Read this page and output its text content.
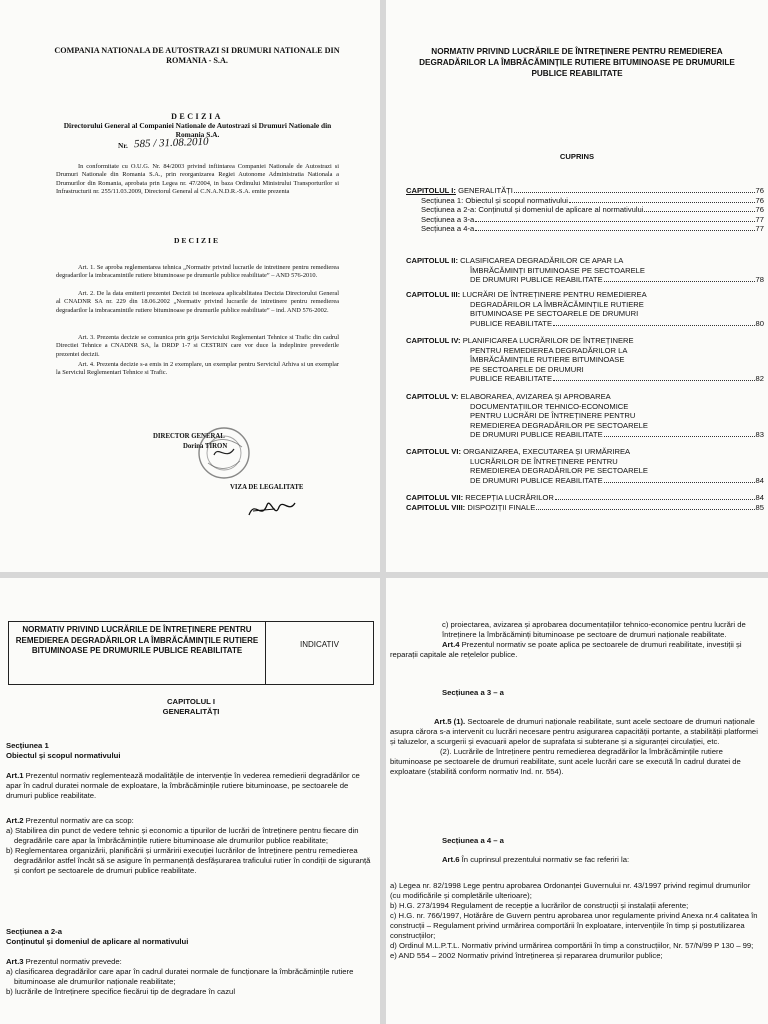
COMPANIA NATIONALA DE AUTOSTRAZI SI DRUMURI NATIONALE DIN ROMANIA - S.A.
DECIZIA
Directorului General al Companiei Nationale de Autostrazi si Drumuri Nationale din Romania S.A.
Nr. 585 / 31.08.2010
In conformitate cu O.U.G. Nr. 84/2003 privind infiintarea Companiei Nationale de Autostrazi si Drumuri Nationale din Romania S.A., prin reorganizarea Regiei Autonome Administratia Nationala a Drumurilor din Romania, aprobata prin Legea nr. 47/2004, in baza Ordinului Ministrului Transporturilor si Infrastructurii nr. 255/11.03.2009, Directorul General al C.N.A.N.D.R.-S.A. emite prezenta
DECIZIE
Art. 1. Se aproba reglementarea tehnica „Normativ privind lucrarile de intretinere pentru remedierea degradarilor la imbracamintile rutiere bituminoase pe drumurile publice reabilitate” – AND 576-2010.
Art. 2. De la data emiterii prezentei Decizii isi inceteaza aplicabilitatea Decizia Directorului General al CNADNR SA nr. 229 din 18.06.2002 „Normativ privind lucrarile de intretinere pentru remedierea degradarilor la imbracamintile rutiere bituminoase pe drumurile publice reabilitate” – ind. AND 576-2002.
Art. 3. Prezenta decizie se comunica prin grija Serviciului Reglementari Tehnice si Trafic din cadrul Directiei Tehnice a CNADNR SA, la DRDP 1-7 si CESTRIN care vor duce la indeplinire prevederile prezentei decizii.
Art. 4. Prezenta decizie s-a emis in 2 exemplare, un exemplar pentru Serviciul Arhiva si un exemplar la Serviciul Reglementari Tehnice si Trafic.
DIRECTOR GENERAL
Dorina TIRON
VIZA DE LEGALITATE
NORMATIV PRIVIND LUCRĂRILE DE ÎNTREȚINERE PENTRU REMEDIEREA DEGRADĂRILOR LA ÎMBRĂCĂMINȚILE RUTIERE BITUMINOASE PE DRUMURILE PUBLICE REABILITATE
CUPRINS
CAPITOLUL I: GENERALITĂȚI	76
Secțiunea 1: Obiectul și scopul normativului	76
Secțiunea a 2-a: Conținutul și domeniul de aplicare al normativului	76
Secțiunea a 3-a	77
Secțiunea a 4-a	77
CAPITOLUL II: CLASIFICAREA DEGRADĂRILOR CE APAR LA
ÎMBRĂCĂMINȚI BITUMINOASE PE SECTOARELE
DE DRUMURI PUBLICE REABILITATE	78
CAPITOLUL III: LUCRĂRI DE ÎNTREȚINERE PENTRU REMEDIEREA
DEGRADĂRILOR LA ÎMBRĂCĂMINȚILE RUTIERE
BITUMINOASE PE SECTOARELE DE DRUMURI
PUBLICE REABILITATE	80
CAPITOLUL IV: PLANIFICAREA LUCRĂRILOR DE ÎNTREȚINERE
PENTRU REMEDIEREA DEGRADĂRILOR LA
ÎMBRĂCĂMINȚILE RUTIERE BITUMINOASE
PE SECTOARELE DE DRUMURI
PUBLICE REABILITATE	82
CAPITOLUL V: ELABORAREA, AVIZAREA ȘI APROBAREA
DOCUMENTAȚIILOR TEHNICO-ECONOMICE
PENTRU LUCRĂRI DE ÎNTREȚINERE PENTRU
REMEDIEREA DEGRADĂRILOR PE SECTOARELE
DE DRUMURI PUBLICE REABILITATE	83
CAPITOLUL VI: ORGANIZAREA, EXECUTAREA ȘI URMĂRIREA
LUCRĂRILOR DE ÎNTREȚINERE PENTRU
REMEDIEREA DEGRADĂRILOR PE SECTOARELE
DE DRUMURI PUBLICE REABILITATE	84
CAPITOLUL VII: RECEPȚIA LUCRĂRILOR	84
CAPITOLUL VIII: DISPOZIȚII FINALE	85
NORMATIV PRIVIND LUCRĂRILE DE ÎNTREȚINERE PENTRU REMEDIEREA DEGRADĂRILOR LA ÎMBRĂCĂMINȚILE RUTIERE BITUMINOASE PE DRUMURILE PUBLICE REABILITATE
INDICATIV
CAPITOLUL I
GENERALITĂȚI
Secțiunea 1
Obiectul și scopul normativului

Art.1 Prezentul normativ reglementează modalitățile de intervenție în vederea remedierii degradărilor ce apar în cadrul duratei normale de exploatare, la îmbrăcămințile rutiere bituminoase, pe sectoarele de drumuri publice reabilitate.

Art.2 Prezentul normativ are ca scop:

a) Stabilirea din punct de vedere tehnic și economic a tipurilor de lucrări de întreținere pentru fiecare din degradările care apar la îmbrăcămințile rutiere bituminoase ale drumurilor publice reabilitate;

b) Reglementarea organizării, planificării și urmăririi execuției lucrărilor de întreținere pentru remedierea degradărilor astfel încât să se asigure în permanență desfășurarea traficului rutier în condiții de siguranță și confort pe sectoarele de drumuri publice reabilitate.

Secțiunea a 2-a
Conținutul și domeniul de aplicare al normativului

Art.3 Prezentul normativ prevede:

a) clasificarea degradărilor care apar în cadrul duratei normale de funcționare la îmbrăcămințile rutiere bituminoase ale drumurilor naționale reabilitate;

b) lucrările de întreținere specifice fiecărui tip de degradare în cazul

c) proiectarea, avizarea și aprobarea documentațiilor tehnico-economice pentru lucrări de întreținere la îmbrăcăminți bituminoase pe sectoare de drumuri naționale reabilitate.

Art.4 Prezentul normativ se poate aplica pe sectoarele de drumuri reabilitate, investiții și reparații capitale ale rețelelor publice.

Secțiunea a 3 – a

Art.5 (1). Sectoarele de drumuri naționale reabilitate, sunt acele sectoare de drumuri naționale asupra cărora s-a intervenit cu lucrări necesare pentru asigurarea capacității portante, a stabilității platformei și taluzelor, a scurgerii și evacuarii apelor de suprafata si subterane și a siguranței circulației, etc.

(2). Lucrările de întreținere pentru remedierea degradărilor la îmbrăcămințile rutiere bituminoase pe sectoarele de drumuri reabilitate, sunt acele lucrări care se execută în cadrul duratei de exploatare (stabilită conform normativ Ind. nr. 554).

Secțiunea a 4 – a

Art.6 În cuprinsul prezentului normativ se fac referiri la:

a) Legea nr. 82/1998 Lege pentru aprobarea Ordonanței Guvernului nr. 43/1997 privind regimul drumurilor (cu modificările și completările ulterioare);

b) H.G. 273/1994 Regulament de recepție a lucrărilor de construcții și instalații aferente;

c) H.G. nr. 766/1997, Hotărâre de Guvern pentru aprobarea unor regulamente privind Anexa nr.4 calitatea în construcții – Regulament privind urmărirea comportării în exploatare, intervențiile în timp și postutilizarea construcțiilor;

d) Ordinul M.L.P.T.L. Normativ privind urmărirea comportării în timp a construcțiilor, Nr. 57/N/99 P 130 – 99;

e) AND 554 – 2002 Normativ privind întreținerea și repararea drumurilor publice;
